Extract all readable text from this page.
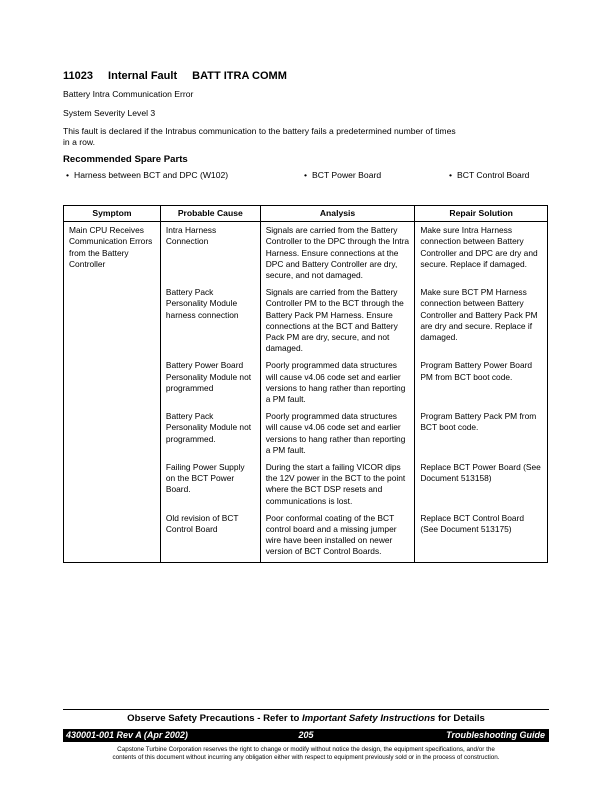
11023 Internal Fault BATT ITRA COMM
Battery Intra Communication Error
System Severity Level 3
This fault is declared if the Intrabus communication to the battery fails a predetermined number of times
in a row.
Recommended Spare Parts
• Harness between BCT and DPC (W102)	• BCT Power Board	• BCT Control Board
Symptom	Probable Cause	Analysis	Repair Solution
Main CPU Receives Communication Errors from the Battery Controller	Intra Harness Connection	Signals are carried from the Battery Controller to the DPC through the Intra Harness. Ensure connections at the DPC and Battery Controller are dry, secure, and not damaged.	Make sure Intra Harness connection between Battery Controller and DPC are dry and secure. Replace if damaged.
	Battery Pack Personality Module harness connection	Signals are carried from the Battery Controller PM to the BCT through the Battery Pack PM Harness. Ensure connections at the BCT and Battery Pack PM are dry, secure, and not damaged.	Make sure BCT PM Harness connection between Battery Controller and Battery Pack PM are dry and secure. Replace if damaged.
	Battery Power Board Personality Module not programmed	Poorly programmed data structures will cause v4.06 code set and earlier versions to hang rather than reporting a PM fault.	Program Battery Power Board PM from BCT boot code.
	Battery Pack Personality Module not programmed.	Poorly programmed data structures will cause v4.06 code set and earlier versions to hang rather than reporting a PM fault.	Program Battery Pack PM from BCT boot code.
	Failing Power Supply on the BCT Power Board.	During the start a failing VICOR dips the 12V power in the BCT to the point where the BCT DSP resets and communications is lost.	Replace BCT Power Board (See Document 513158)
	Old revision of BCT Control Board	Poor conformal coating of the BCT control board and a missing jumper wire have been installed on newer version of BCT Control Boards.	Replace BCT Control Board (See Document 513175)
Observe Safety Precautions - Refer to Important Safety Instructions for Details
205
430001-001 Rev A (Apr 2002)	Troubleshooting Guide
Capstone Turbine Corporation reserves the right to change or modify without notice the design, the equipment specifications, and/or the
contents of this document without incurring any obligation either with respect to equipment previously sold or in the process of construction.
